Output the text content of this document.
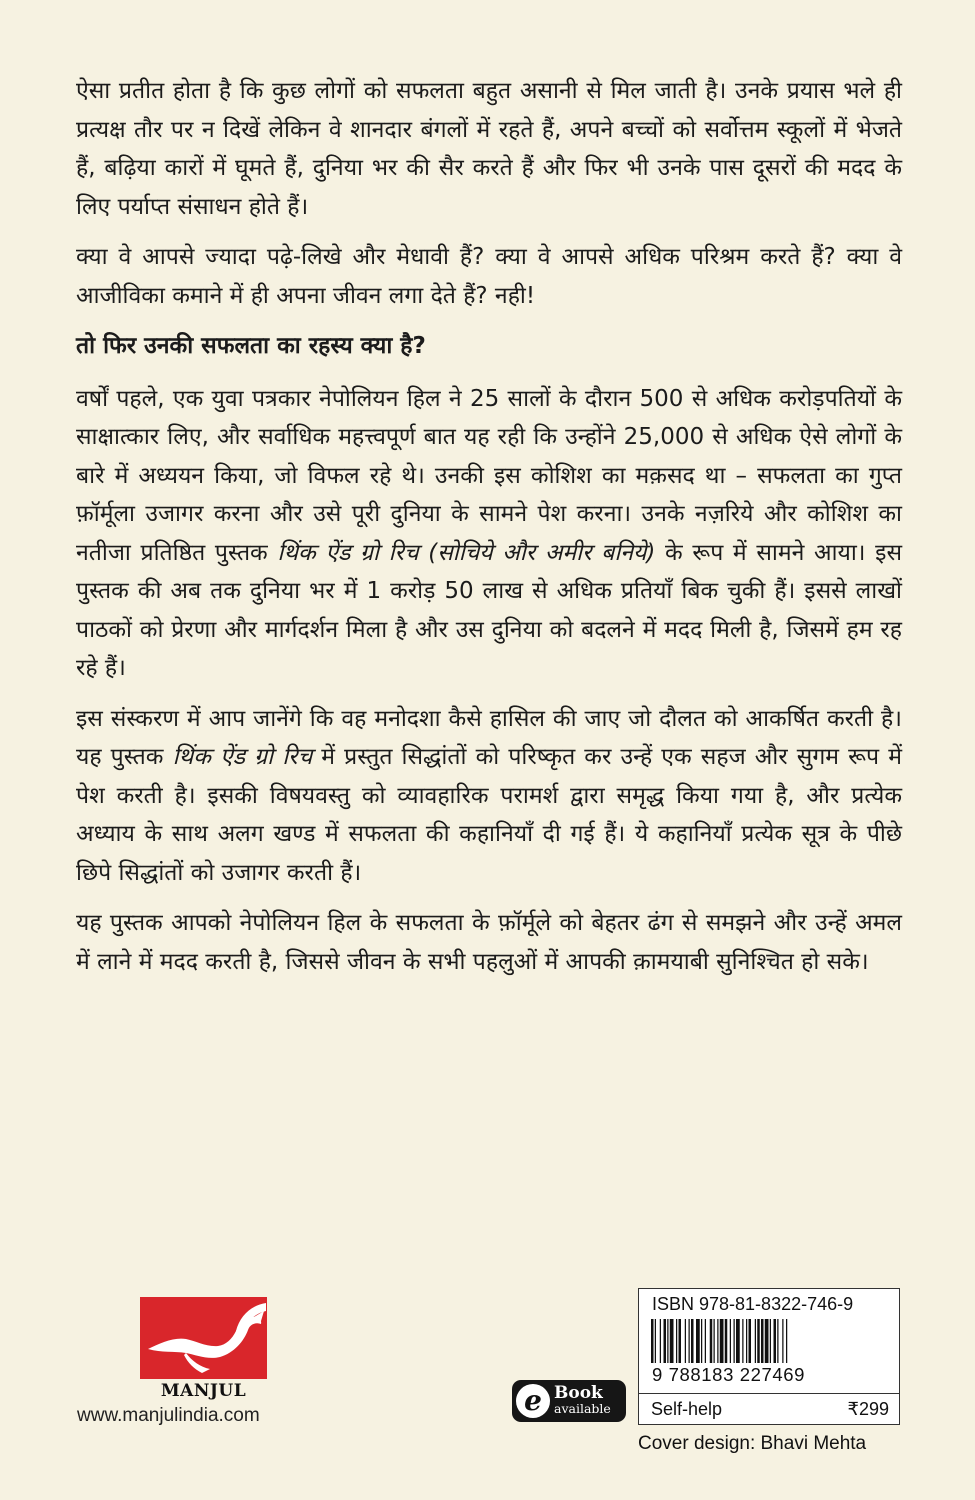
ऐसा प्रतीत होता है कि कुछ लोगों को सफलता बहुत असानी से मिल जाती है। उनके प्रयास भले ही प्रत्यक्ष तौर पर न दिखें लेकिन वे शानदार बंगलों में रहते हैं, अपने बच्चों को सर्वोत्तम स्कूलों में भेजते हैं, बढ़िया कारों में घूमते हैं, दुनिया भर की सैर करते हैं और फिर भी उनके पास दूसरों की मदद के लिए पर्याप्त संसाधन होते हैं।

क्या वे आपसे ज्यादा पढ़े-लिखे और मेधावी हैं? क्या वे आपसे अधिक परिश्रम करते हैं? क्या वे आजीविका कमाने में ही अपना जीवन लगा देते हैं? नही!

तो फिर उनकी सफलता का रहस्य क्या है?

वर्षों पहले, एक युवा पत्रकार नेपोलियन हिल ने 25 सालों के दौरान 500 से अधिक करोड़पतियों के साक्षात्कार लिए, और सर्वाधिक महत्त्वपूर्ण बात यह रही कि उन्होंने 25,000 से अधिक ऐसे लोगों के बारे में अध्ययन किया, जो विफल रहे थे। उनकी इस कोशिश का मक़सद था – सफलता का गुप्त फ़ॉर्मूला उजागर करना और उसे पूरी दुनिया के सामने पेश करना। उनके नज़रिये और कोशिश का नतीजा प्रतिष्ठित पुस्तक थिंक ऐंड ग्रो रिच (सोचिये और अमीर बनिये) के रूप में सामने आया। इस पुस्तक की अब तक दुनिया भर में 1 करोड़ 50 लाख से अधिक प्रतियाँ बिक चुकी हैं। इससे लाखों पाठकों को प्रेरणा और मार्गदर्शन मिला है और उस दुनिया को बदलने में मदद मिली है, जिसमें हम रह रहे हैं।

इस संस्करण में आप जानेंगे कि वह मनोदशा कैसे हासिल की जाए जो दौलत को आकर्षित करती है। यह पुस्तक थिंक ऐंड ग्रो रिच में प्रस्तुत सिद्धांतों को परिष्कृत कर उन्हें एक सहज और सुगम रूप में पेश करती है। इसकी विषयवस्तु को व्यावहारिक परामर्श द्वारा समृद्ध किया गया है, और प्रत्येक अध्याय के साथ अलग खण्ड में सफलता की कहानियाँ दी गई हैं। ये कहानियाँ प्रत्येक सूत्र के पीछे छिपे सिद्धांतों को उजागर करती हैं।

यह पुस्तक आपको नेपोलियन हिल के सफलता के फ़ॉर्मूले को बेहतर ढंग से समझने और उन्हें अमल में लाने में मदद करती है, जिससे जीवन के सभी पहलुओं में आपकी क़ामयाबी सुनिश्चित हो सके।

MANJUL
www.manjulindia.com	e Book
available
ISBN 978-81-8322-746-9
9 788183 227469
Self-help	₹299
Cover design: Bhavi Mehta
